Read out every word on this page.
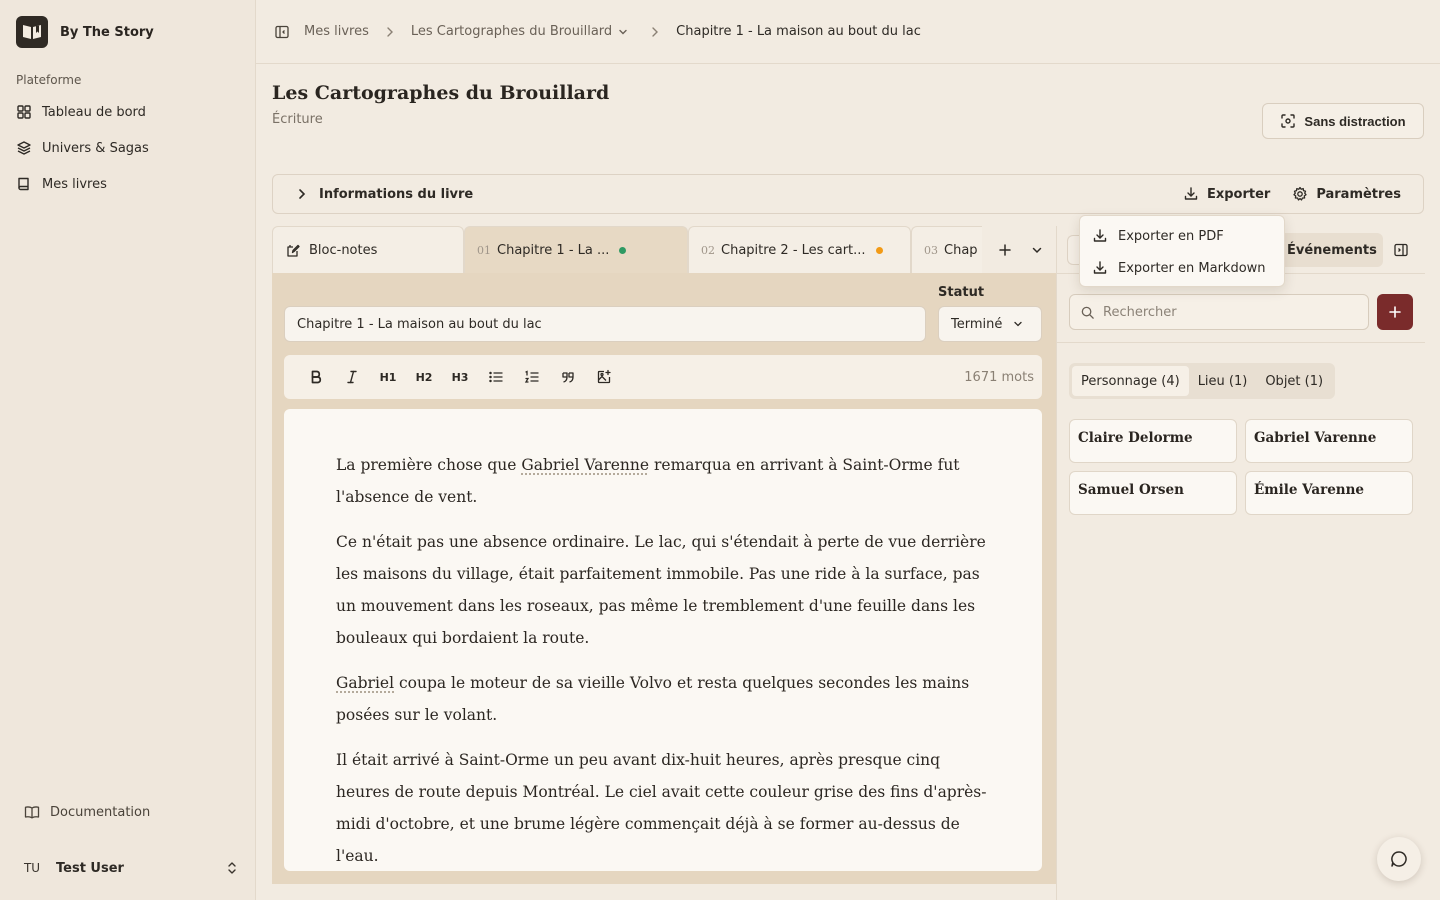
By The Story
Plateforme
Tableau de bord
Univers & Sagas
Mes livres
Documentation
TU	Test User
Mes livres	Les Cartographes du Brouillard	Chapitre 1 - La maison au bout du lac
Les Cartographes du Brouillard
Écriture	Sans distraction
Informations du livre	Exporter	Paramètres
Bloc-notes	01 Chapitre 1 - La ...	02 Chapitre 2 - Les cart...	03 Chap
Statut
Chapitre 1 - La maison au bout du lac	Terminé
H1	H2	H3	1671 mots

La première chose que Gabriel Varenne remarqua en arrivant à Saint-Orme fut l'absence de vent.

Ce n'était pas une absence ordinaire. Le lac, qui s'étendait à perte de vue derrière les maisons du village, était parfaitement immobile. Pas une ride à la surface, pas un mouvement dans les roseaux, pas même le tremblement d'une feuille dans les bouleaux qui bordaient la route.

Gabriel coupa le moteur de sa vieille Volvo et resta quelques secondes les mains posées sur le volant.

Il était arrivé à Saint-Orme un peu avant dix-huit heures, après presque cinq heures de route depuis Montréal. Le ciel avait cette couleur grise des fins d'après-midi d'octobre, et une brume légère commençait déjà à se former au-dessus de l'eau.

Événements
Rechercher
Personnage (4)	Lieu (1)	Objet (1)
Claire Delorme	Gabriel Varenne
Samuel Orsen	Émile Varenne
Exporter en PDF
Exporter en Markdown
